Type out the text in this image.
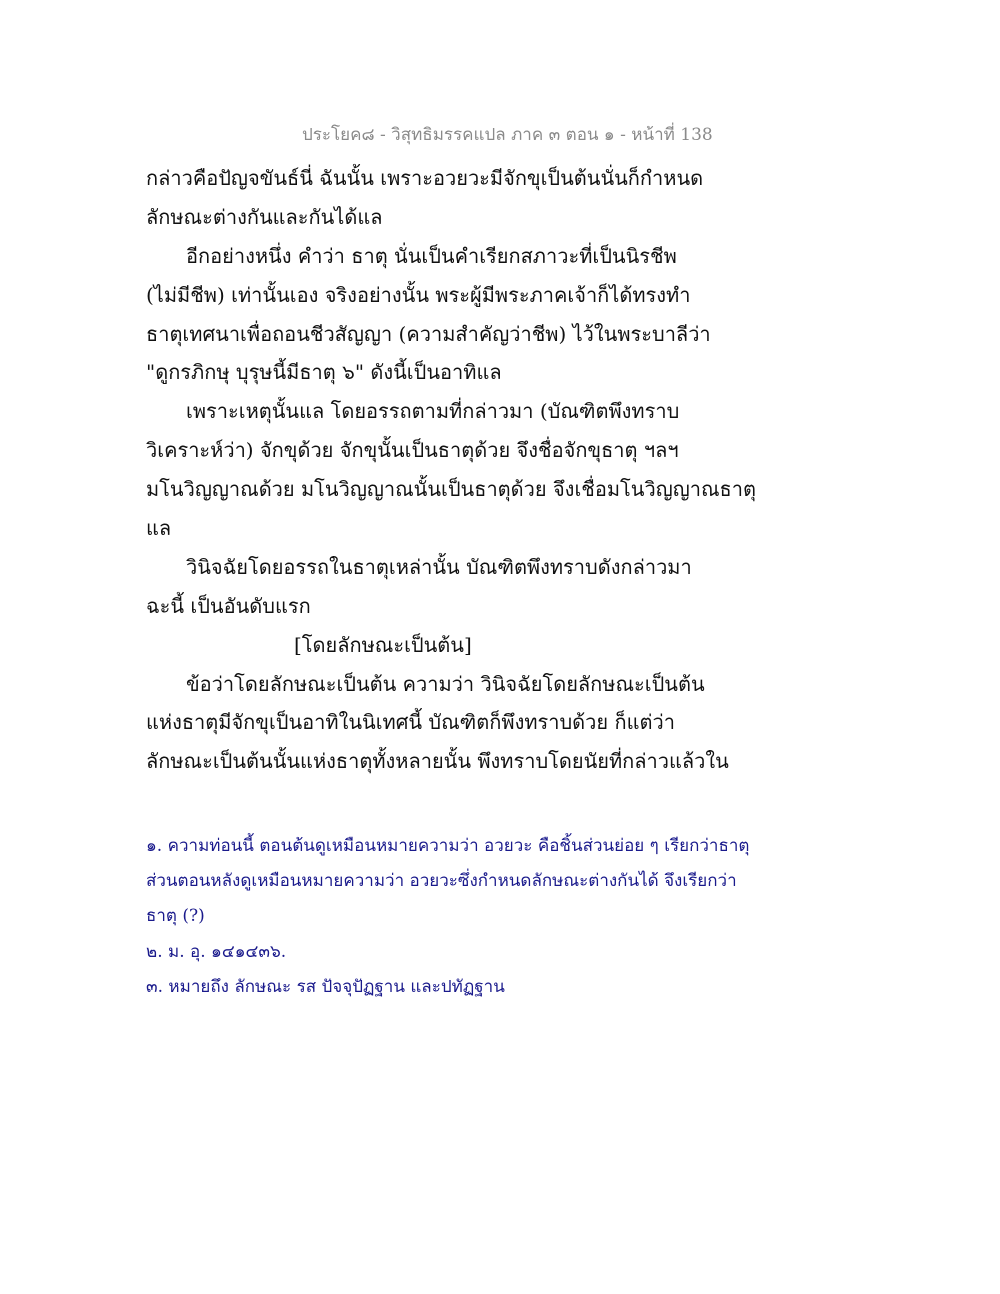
ประโยค๘ - วิสุทธิมรรคแปล ภาค ๓ ตอน ๑ - หน้าที่ 138
กล่าวคือปัญจขันธ์นี่ ฉันนั้น เพราะอวยวะมีจักขุเป็นต้นนั่นก็กำหนด
ลักษณะต่างกันและกันได้แล
อีกอย่างหนึ่ง คำว่า ธาตุ นั่นเป็นคำเรียกสภาวะที่เป็นนิรชีพ
(ไม่มีชีพ) เท่านั้นเอง จริงอย่างนั้น พระผู้มีพระภาคเจ้าก็ได้ทรงทำ
ธาตุเทศนาเพื่อถอนชีวสัญญา (ความสำคัญว่าชีพ) ไว้ในพระบาลีว่า
"ดูกรภิกษุ บุรุษนี้มีธาตุ ๖" ดังนี้เป็นอาทิแล
เพราะเหตุนั้นแล โดยอรรถตามที่กล่าวมา (บัณฑิตพึงทราบ
วิเคราะห์ว่า) จักขุด้วย จักขุนั้นเป็นธาตุด้วย จึงชื่อจักขุธาตุ ฯลฯ
มโนวิญญาณด้วย มโนวิญญาณนั้นเป็นธาตุด้วย จึงเชื่อมโนวิญญาณธาตุ
แล
วินิจฉัยโดยอรรถในธาตุเหล่านั้น บัณฑิตพึงทราบดังกล่าวมา
ฉะนี้ เป็นอันดับแรก
[โดยลักษณะเป็นต้น]
ข้อว่าโดยลักษณะเป็นต้น ความว่า วินิจฉัยโดยลักษณะเป็นต้น
แห่งธาตุมีจักขุเป็นอาทิในนิเทศนี้ บัณฑิตก็พึงทราบด้วย ก็แต่ว่า
ลักษณะเป็นต้นนั้นแห่งธาตุทั้งหลายนั้น พึงทราบโดยนัยที่กล่าวแล้วใน
๑. ความท่อนนี้ ตอนต้นดูเหมือนหมายความว่า อวยวะ คือชิ้นส่วนย่อย ๆ เรียกว่าธาตุ
ส่วนตอนหลังดูเหมือนหมายความว่า อวยวะซึ่งกำหนดลักษณะต่างกันได้ จึงเรียกว่า
ธาตุ (?)
๒. ม. อุ. ๑๔๑๔๓๖.
๓. หมายถึง ลักษณะ รส ปัจจุปัฏฐาน และปทัฏฐาน
